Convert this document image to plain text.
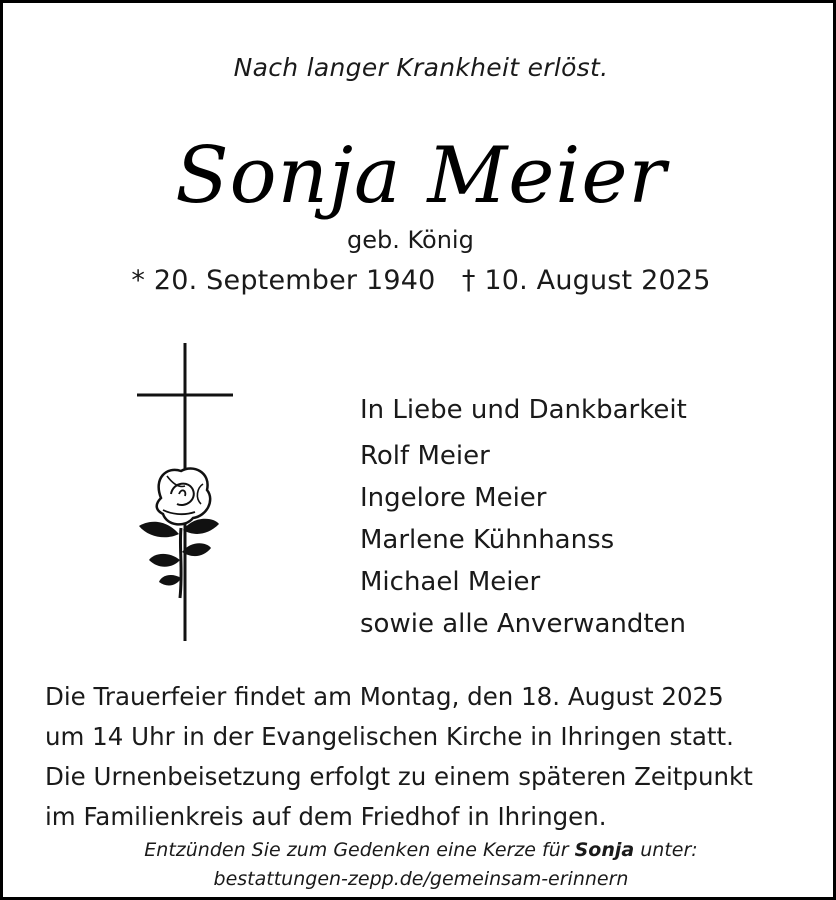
Nach langer Krankheit erlöst.
Sonja Meier
geb. König
* 20. September 1940   † 10. August 2025
In Liebe und Dankbarkeit
Rolf Meier
Ingelore Meier
Marlene Kühnhanss
Michael Meier
sowie alle Anverwandten
Die Trauerfeier findet am Montag, den 18. August 2025
um 14 Uhr in der Evangelischen Kirche in Ihringen statt.
Die Urnenbeisetzung erfolgt zu einem späteren Zeitpunkt
im Familienkreis auf dem Friedhof in Ihringen.
Entzünden Sie zum Gedenken eine Kerze für Sonja unter:
bestattungen-zepp.de/gemeinsam-erinnern
